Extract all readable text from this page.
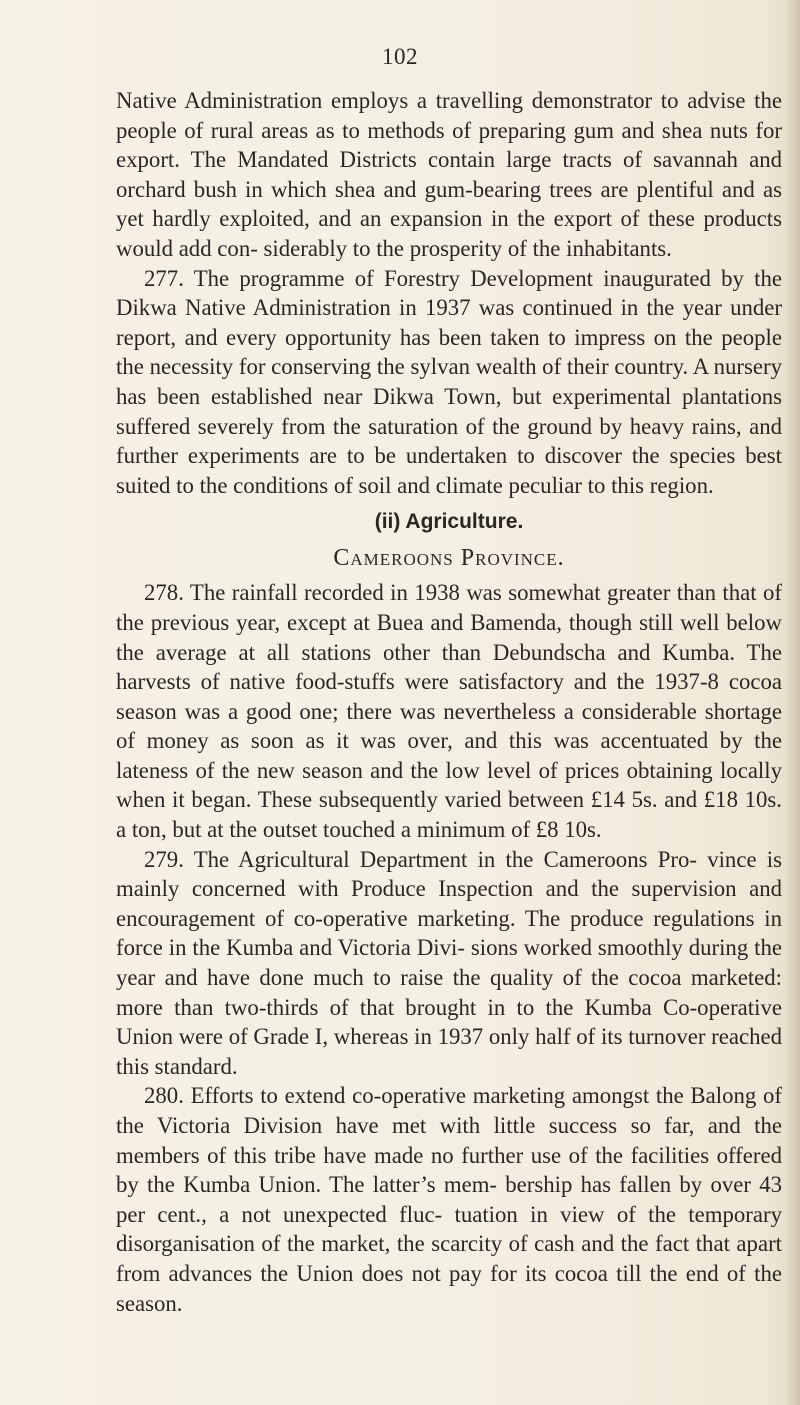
102

Native Administration employs a travelling demonstrator to advise the people of rural areas as to methods of preparing gum and shea nuts for export. The Mandated Districts contain large tracts of savannah and orchard bush in which shea and gum-bearing trees are plentiful and as yet hardly exploited, and an expansion in the export of these products would add con- siderably to the prosperity of the inhabitants.

277. The programme of Forestry Development inaugurated by the Dikwa Native Administration in 1937 was continued in the year under report, and every opportunity has been taken to impress on the people the necessity for conserving the sylvan wealth of their country. A nursery has been established near Dikwa Town, but experimental plantations suffered severely from the saturation of the ground by heavy rains, and further experiments are to be undertaken to discover the species best suited to the conditions of soil and climate peculiar to this region.

(ii) Agriculture.
Cameroons Province.

278. The rainfall recorded in 1938 was somewhat greater than that of the previous year, except at Buea and Bamenda, though still well below the average at all stations other than Debundscha and Kumba. The harvests of native food-stuffs were satisfactory and the 1937-8 cocoa season was a good one; there was nevertheless a considerable shortage of money as soon as it was over, and this was accentuated by the lateness of the new season and the low level of prices obtaining locally when it began. These subsequently varied between £14 5s. and £18 10s. a ton, but at the outset touched a minimum of £8 10s.

279. The Agricultural Department in the Cameroons Pro- vince is mainly concerned with Produce Inspection and the supervision and encouragement of co-operative marketing. The produce regulations in force in the Kumba and Victoria Divi- sions worked smoothly during the year and have done much to raise the quality of the cocoa marketed: more than two-thirds of that brought in to the Kumba Co-operative Union were of Grade I, whereas in 1937 only half of its turnover reached this standard.

280. Efforts to extend co-operative marketing amongst the Balong of the Victoria Division have met with little success so far, and the members of this tribe have made no further use of the facilities offered by the Kumba Union. The latter’s mem- bership has fallen by over 43 per cent., a not unexpected fluc- tuation in view of the temporary disorganisation of the market, the scarcity of cash and the fact that apart from advances the Union does not pay for its cocoa till the end of the season.
